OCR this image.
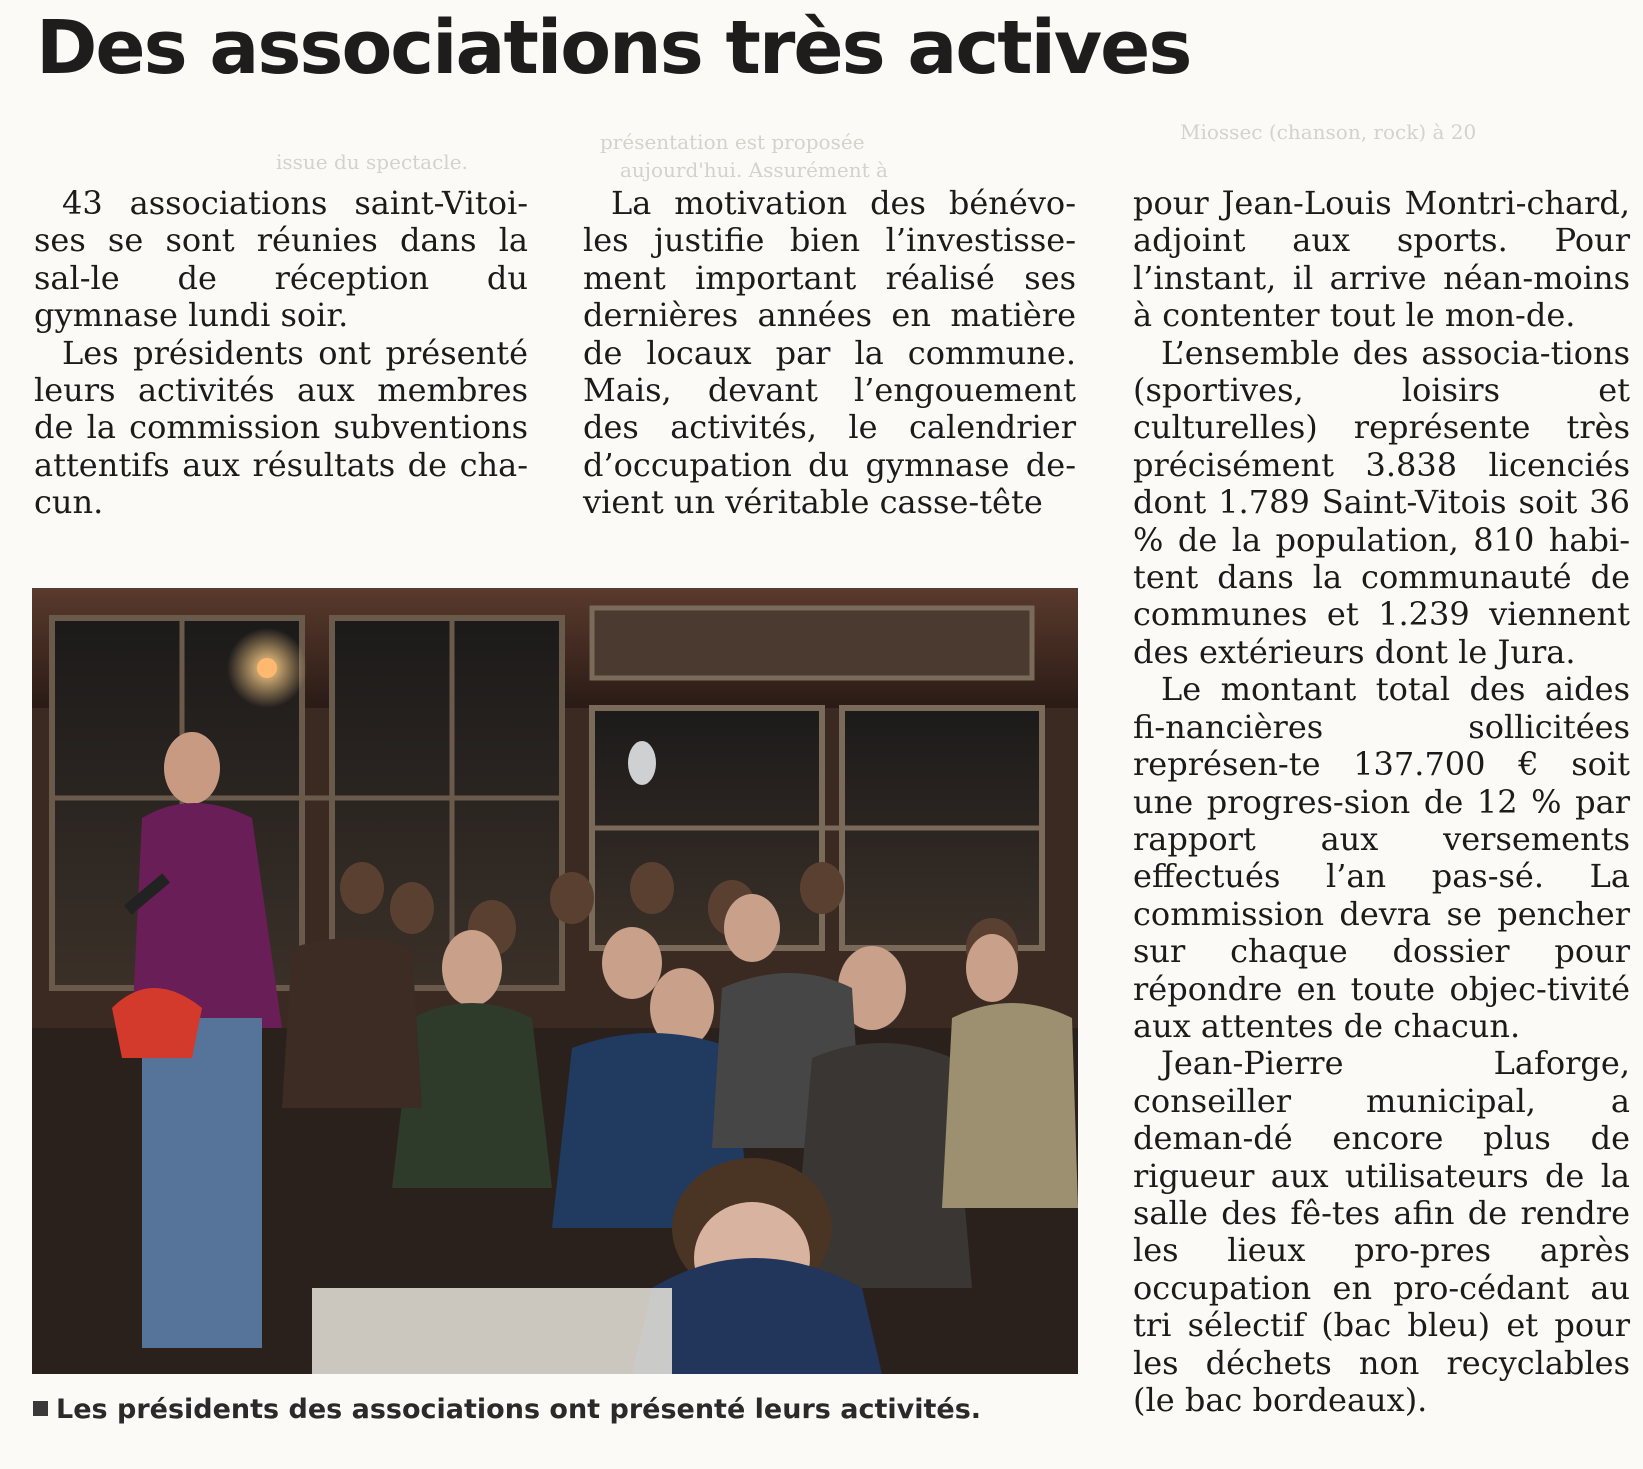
présentation est proposée
aujourd'hui. Assurément à
Miossec (chanson, rock) à 20
issue du spectacle.
Des associations très actives

43 associations saint-Vitoi-ses se sont réunies dans la sal-le de réception du gymnase lundi soir.

Les présidents ont présenté leurs activités aux membres de la commission subventions attentifs aux résultats de cha-cun.

La motivation des bénévo-les justifie bien l’investisse-ment important réalisé ses dernières années en matière de locaux par la commune. Mais, devant l’engouement des activités, le calendrier d’occupation du gymnase de-vient un véritable casse-tête

pour Jean-Louis Montri-chard, adjoint aux sports. Pour l’instant, il arrive néan-moins à contenter tout le mon-de.

L’ensemble des associa-tions (sportives, loisirs et culturelles) représente très précisément 3.838 licenciés dont 1.789 Saint-Vitois soit 36 % de la population, 810 habi-tent dans la communauté de communes et 1.239 viennent des extérieurs dont le Jura.

Le montant total des aides fi-nancières sollicitées représen-te 137.700 € soit une progres-sion de 12 % par rapport aux versements effectués l’an pas-sé. La commission devra se pencher sur chaque dossier pour répondre en toute objec-tivité aux attentes de chacun.

Jean-Pierre Laforge, conseiller municipal, a deman-dé encore plus de rigueur aux utilisateurs de la salle des fê-tes afin de rendre les lieux pro-pres après occupation en pro-cédant au tri sélectif (bac bleu) et pour les déchets non recyclables (le bac bordeaux).

Les présidents des associations ont présenté leurs activités.
